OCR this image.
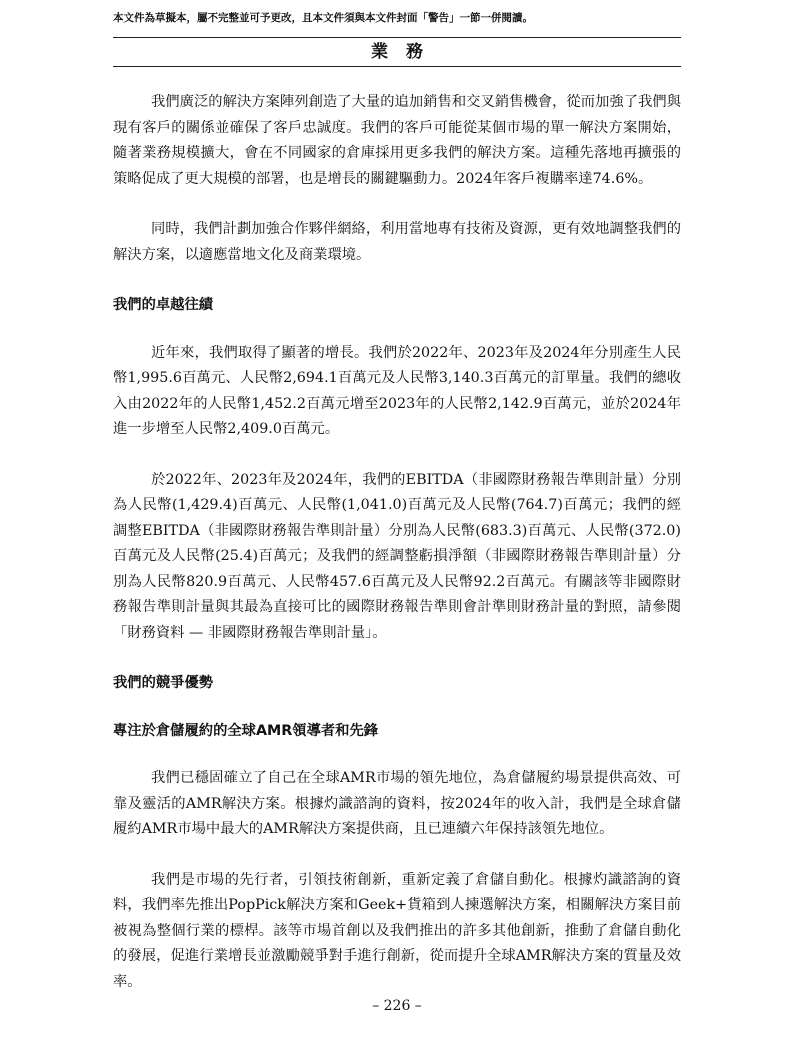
本文件為草擬本，屬不完整並可予更改，且本文件須與本文件封面「警告」一節一併閱讀。
業務

我們廣泛的解決方案陣列創造了大量的追加銷售和交叉銷售機會，從而加強了我們與現有客戶的關係並確保了客戶忠誠度。我們的客戶可能從某個市場的單一解決方案開始，隨著業務規模擴大，會在不同國家的倉庫採用更多我們的解決方案。這種先落地再擴張的策略促成了更大規模的部署，也是增長的關鍵驅動力。2024年客戶複購率達74.6%。

同時，我們計劃加強合作夥伴網絡，利用當地專有技術及資源，更有效地調整我們的解決方案，以適應當地文化及商業環境。

我們的卓越往績

近年來，我們取得了顯著的增長。我們於2022年、2023年及2024年分別產生人民幣1,995.6百萬元、人民幣2,694.1百萬元及人民幣3,140.3百萬元的訂單量。我們的總收入由2022年的人民幣1,452.2百萬元增至2023年的人民幣2,142.9百萬元，並於2024年進一步增至人民幣2,409.0百萬元。

於2022年、2023年及2024年，我們的EBITDA（非國際財務報告準則計量）分別為人民幣(1,429.4)百萬元、人民幣(1,041.0)百萬元及人民幣(764.7)百萬元；我們的經調整EBITDA（非國際財務報告準則計量）分別為人民幣(683.3)百萬元、人民幣(372.0)百萬元及人民幣(25.4)百萬元；及我們的經調整虧損淨額（非國際財務報告準則計量）分別為人民幣820.9百萬元、人民幣457.6百萬元及人民幣92.2百萬元。有關該等非國際財務報告準則計量與其最為直接可比的國際財務報告準則會計準則財務計量的對照，請參閱「財務資料 — 非國際財務報告準則計量」。

我們的競爭優勢

專注於倉儲履約的全球AMR領導者和先鋒

我們已穩固確立了自己在全球AMR市場的領先地位，為倉儲履約場景提供高效、可靠及靈活的AMR解決方案。根據灼識諮詢的資料，按2024年的收入計，我們是全球倉儲履約AMR市場中最大的AMR解決方案提供商，且已連續六年保持該領先地位。

我們是市場的先行者，引領技術創新，重新定義了倉儲自動化。根據灼識諮詢的資料，我們率先推出PopPick解決方案和Geek+貨箱到人揀選解決方案，相關解決方案目前被視為整個行業的標桿。該等市場首創以及我們推出的許多其他創新，推動了倉儲自動化的發展，促進行業增長並激勵競爭對手進行創新，從而提升全球AMR解決方案的質量及效率。

– 226 –
